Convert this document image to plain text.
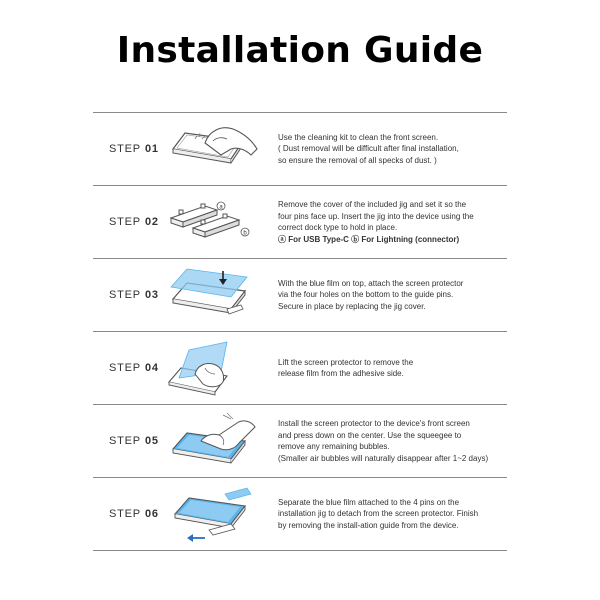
Installation Guide
STEP 01
Use the cleaning kit to clean the front screen.
( Dust removal will be difficult after final installation,
so ensure the removal of all specks of dust. )
STEP 02
a
b
Remove the cover of the included jig and set it so the
four pins face up. Insert the jig into the device using the
correct dock type to hold in place.
ⓐ For USB Type-C ⓑ For Lightning (connector)
STEP 03
With the blue film on top, attach the screen protector
via the four holes on the bottom to the guide pins.
Secure in place by replacing the jig cover.
STEP 04	Lift the screen protector to remove the
release film from the adhesive side.
STEP 05
Install the screen protector to the device's front screen
and press down on the center. Use the squeegee to
remove any remaining bubbles.
(Smaller air bubbles will naturally disappear after 1~2 days)
STEP 06
Separate the blue film attached to the 4 pins on the
installation jig to detach from the screen protector. Finish
by removing the install-ation guide from the device.
